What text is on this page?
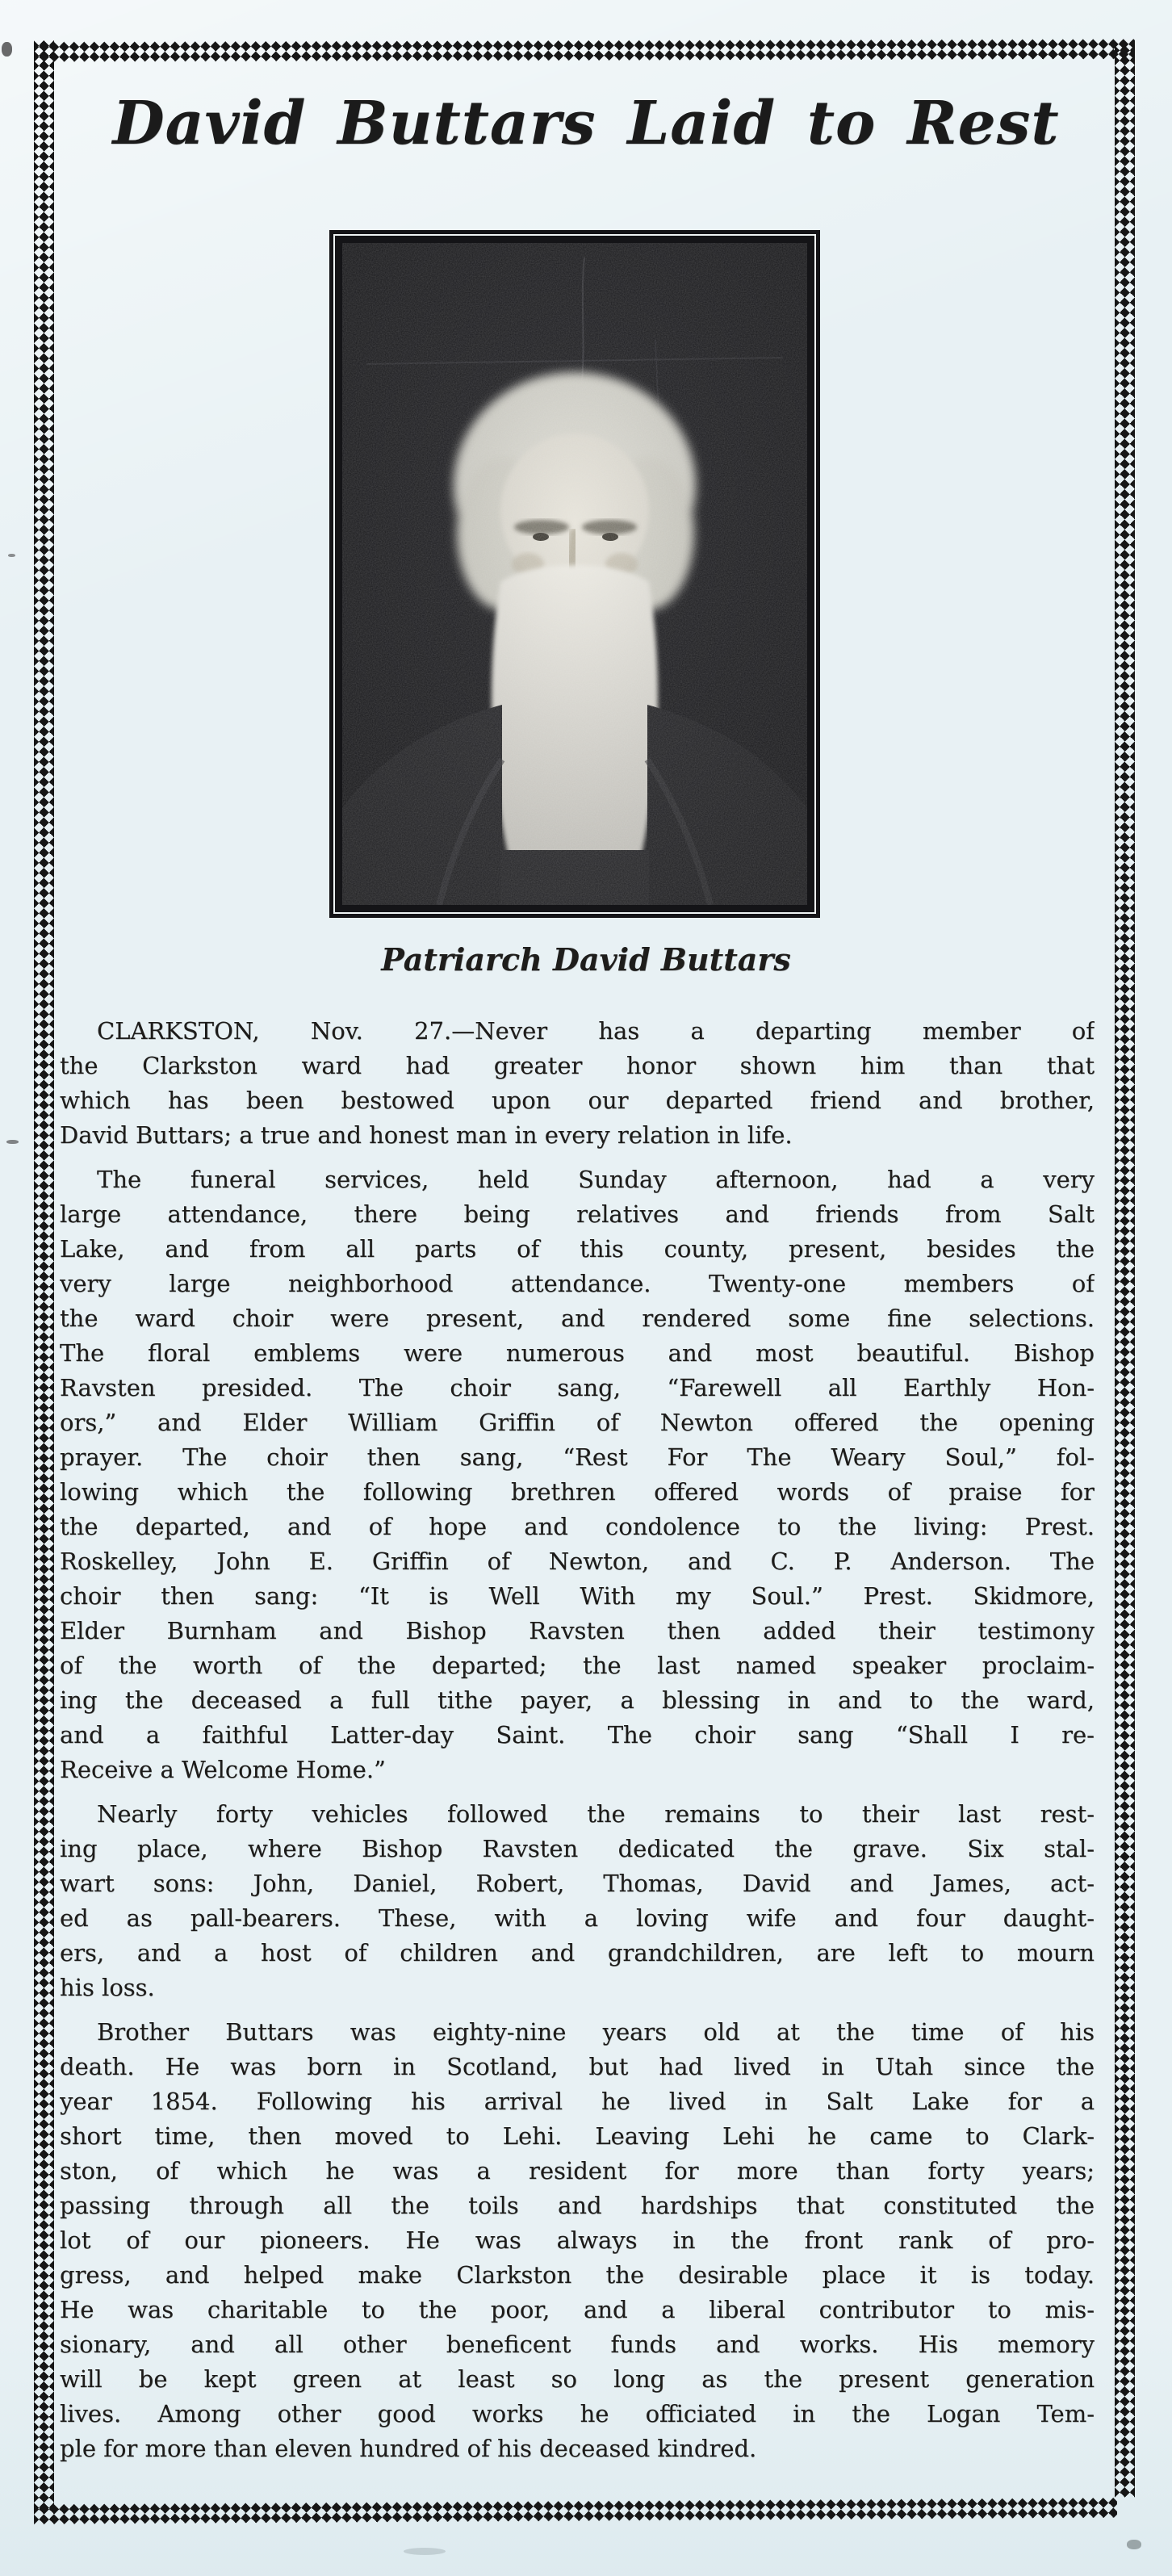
David Buttars Laid to Rest
Patriarch David Buttars
CLARKSTON, Nov. 27.—Never has a departing member of
the Clarkston ward had greater honor shown him than that
which has been bestowed upon our departed friend and brother,
David Buttars; a true and honest man in every relation in life.
The funeral services, held Sunday afternoon, had a very
large attendance, there being relatives and friends from Salt
Lake, and from all parts of this county, present, besides the
very large neighborhood attendance. Twenty-one members of
the ward choir were present, and rendered some fine selections.
The floral emblems were numerous and most beautiful. Bishop
Ravsten presided. The choir sang, “Farewell all Earthly Hon-
ors,” and Elder William Griffin of Newton offered the opening
prayer. The choir then sang, “Rest For The Weary Soul,” fol-
lowing which the following brethren offered words of praise for
the departed, and of hope and condolence to the living: Prest.
Roskelley, John E. Griffin of Newton, and C. P. Anderson. The
choir then sang: “It is Well With my Soul.” Prest. Skidmore,
Elder Burnham and Bishop Ravsten then added their testimony
of the worth of the departed; the last named speaker proclaim-
ing the deceased a full tithe payer, a blessing in and to the ward,
and a faithful Latter-day Saint. The choir sang “Shall I re-
Receive a Welcome Home.”
Nearly forty vehicles followed the remains to their last rest-
ing place, where Bishop Ravsten dedicated the grave. Six stal-
wart sons: John, Daniel, Robert, Thomas, David and James, act-
ed as pall-bearers. These, with a loving wife and four daught-
ers, and a host of children and grandchildren, are left to mourn
his loss.
Brother Buttars was eighty-nine years old at the time of his
death. He was born in Scotland, but had lived in Utah since the
year 1854. Following his arrival he lived in Salt Lake for a
short time, then moved to Lehi. Leaving Lehi he came to Clark-
ston, of which he was a resident for more than forty years;
passing through all the toils and hardships that constituted the
lot of our pioneers. He was always in the front rank of pro-
gress, and helped make Clarkston the desirable place it is today.
He was charitable to the poor, and a liberal contributor to mis-
sionary, and all other beneficent funds and works. His memory
will be kept green at least so long as the present generation
lives. Among other good works he officiated in the Logan Tem-
ple for more than eleven hundred of his deceased kindred.
